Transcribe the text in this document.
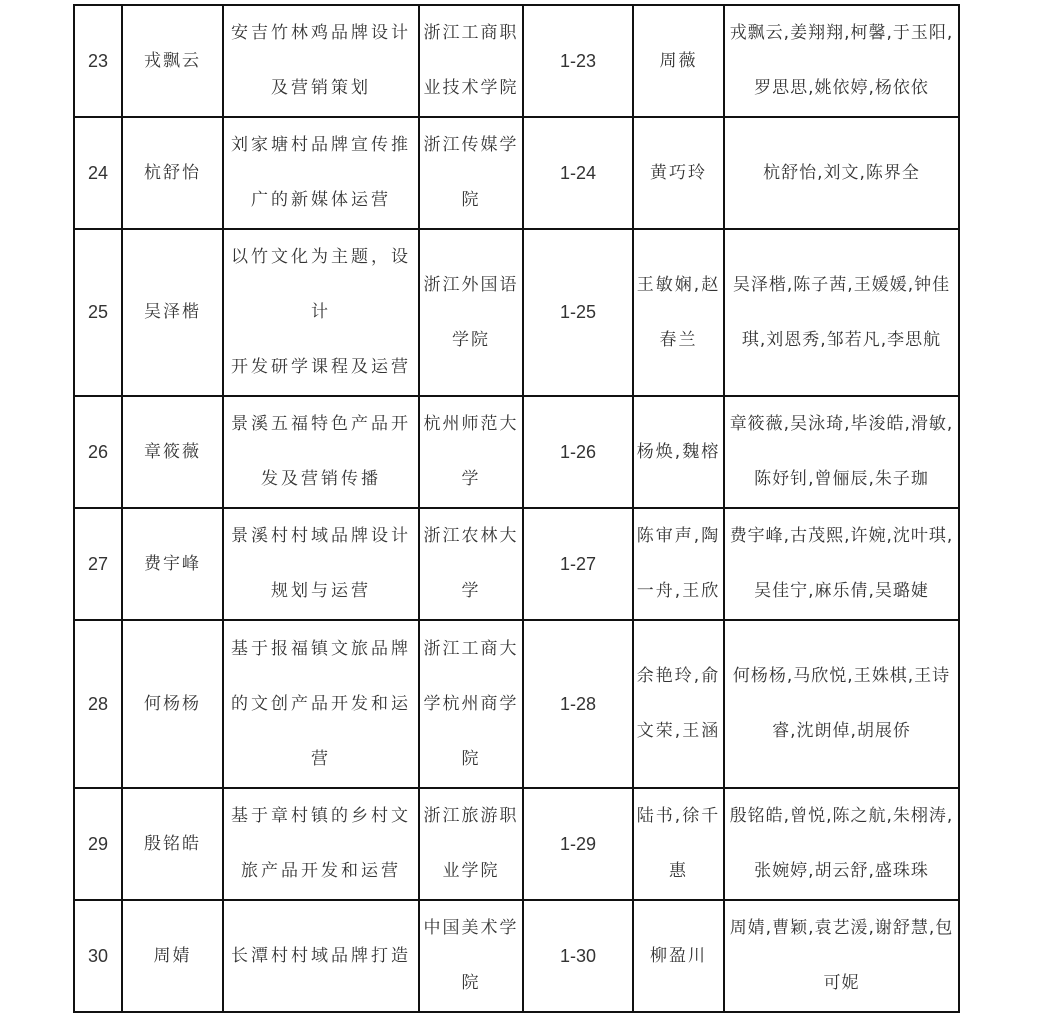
23	戎飘云	安吉竹林鸡品牌设计
及营销策划	浙江工商职
业技术学院	1-23	周薇	戎飘云,姜翔翔,柯馨,于玉阳,
罗思思,姚依婷,杨依依
24	杭舒怡	刘家塘村品牌宣传推
广的新媒体运营	浙江传媒学
院	1-24	黄巧玲	杭舒怡,刘文,陈界全
25	吴泽楷	以竹文化为主题，设计
开发研学课程及运营	浙江外国语
学院	1-25	王敏娴,赵
春兰	吴泽楷,陈子茜,王媛媛,钟佳
琪,刘恩秀,邹若凡,李思航
26	章筱薇	景溪五福特色产品开
发及营销传播	杭州师范大
学	1-26	杨焕,魏榕	章筱薇,吴泳琦,毕浚皓,滑敏,
陈妤钊,曾俪辰,朱子珈
27	费宇峰	景溪村村域品牌设计
规划与运营	浙江农林大
学	1-27	陈审声,陶
一舟,王欣	费宇峰,古茂熙,许婉,沈叶琪,
吴佳宁,麻乐倩,吴璐婕
28	何杨杨	基于报福镇文旅品牌
的文创产品开发和运
营	浙江工商大
学杭州商学
院	1-28	余艳玲,俞
文荣,王涵	何杨杨,马欣悦,王姝棋,王诗
睿,沈朗倬,胡展侨
29	殷铭皓	基于章村镇的乡村文
旅产品开发和运营	浙江旅游职
业学院	1-29	陆书,徐千
惠	殷铭皓,曾悦,陈之航,朱栩涛,
张婉婷,胡云舒,盛珠珠
30	周婧	长潭村村域品牌打造	中国美术学
院	1-30	柳盈川	周婧,曹颖,袁艺湲,谢舒慧,包
可妮
